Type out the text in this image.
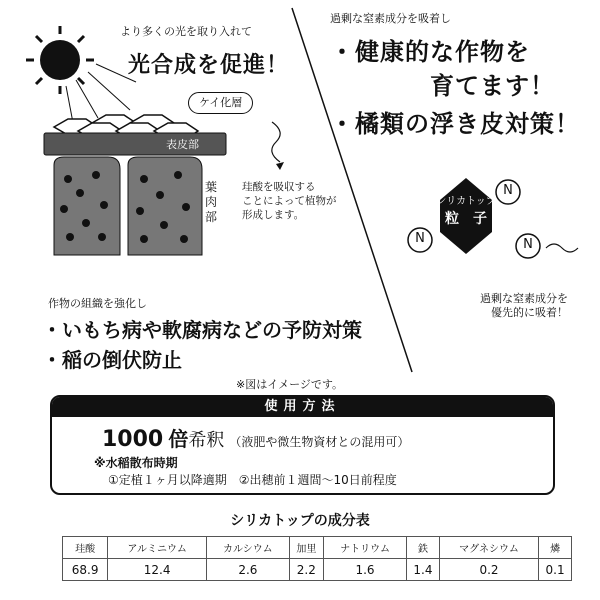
より多くの光を取り入れて
光合成を促進！
ケイ化層
表皮部
葉肉部
珪酸を吸収する
ことによって植物が
形成します。
過剰な窒素成分を吸着し
・健康的な作物を
育てます！
・橘類の浮き皮対策！
シリカトップ
粒　子
N
N	N
過剰な窒素成分を
優先的に吸着！
作物の組織を強化し
・いもち病や軟腐病などの予防対策
・稲の倒伏防止
※図はイメージです。
使用方法
1000 倍希釈 （液肥や微生物資材との混用可）
※水稲散布時期
①定植１ヶ月以降適期　②出穂前１週間〜10日前程度
シリカトップの成分表
珪酸	アルミニウム	カルシウム	加里	ナトリウム	鉄	マグネシウム	燐
68.9	12.4	2.6	2.2	1.6	1.4	0.2	0.1
